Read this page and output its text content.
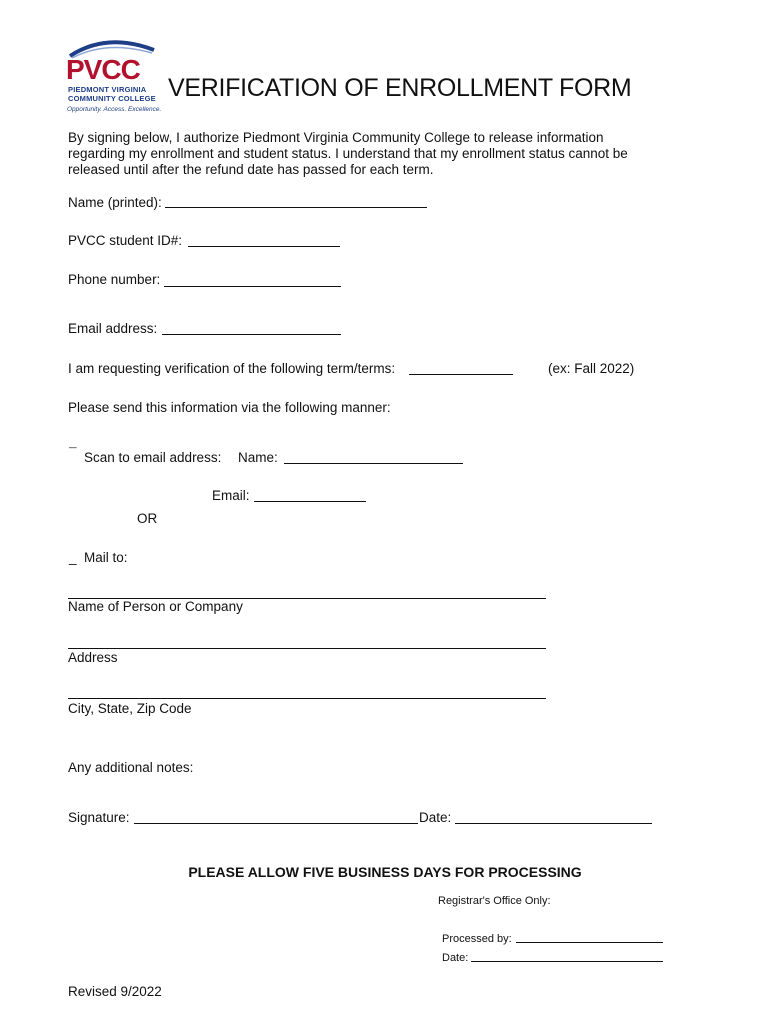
PVCC
PIEDMONT VIRGINIA
COMMUNITY COLLEGE
Opportunity. Access. Excellence.
VERIFICATION OF ENROLLMENT FORM
By signing below, I authorize Piedmont Virginia Community College to release information
regarding my enrollment and student status. I understand that my enrollment status cannot be
released until after the refund date has passed for each term.
Name (printed):
PVCC student ID#:
Phone number:
Email address:
I am requesting verification of the following term/terms:	(ex: Fall 2022)
Please send this information via the following manner:
¯ Scan to email address: Name:
Email:
OR
_ Mail to:
Name of Person or Company
Address
City, State, Zip Code
Any additional notes:
Signature:	Date:
PLEASE ALLOW FIVE BUSINESS DAYS FOR PROCESSING
Registrar's Office Only:
Processed by:
Date:
Revised 9/2022
